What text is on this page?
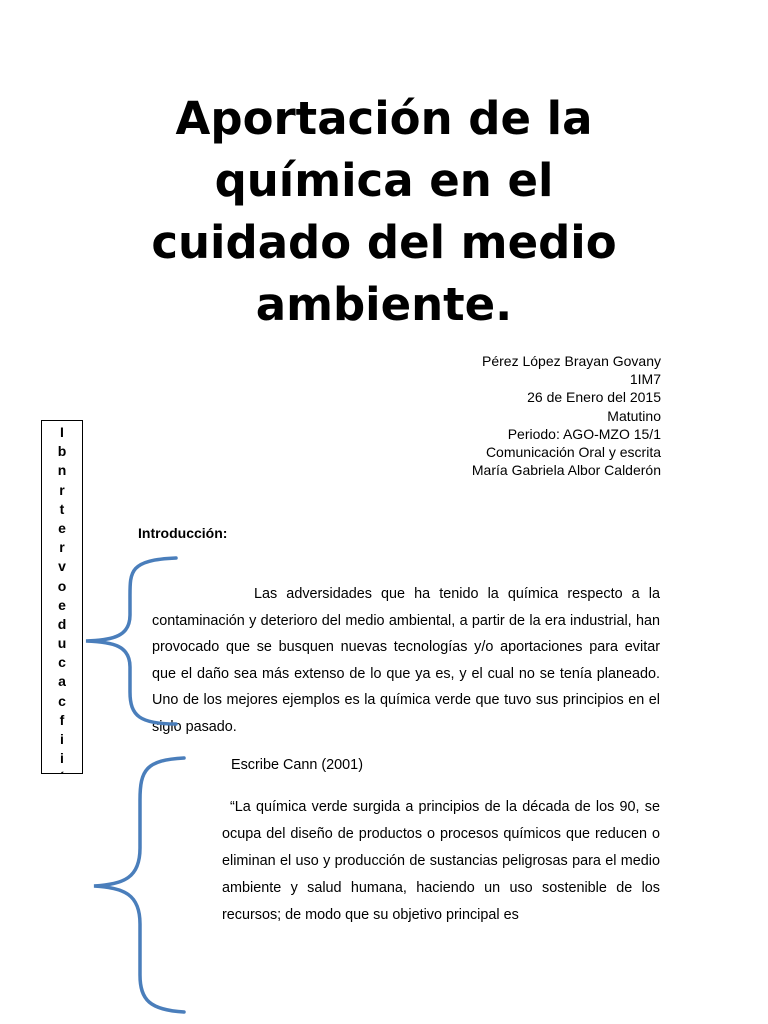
Aportación de la
química en el
cuidado del medio
ambiente.
Pérez López Brayan Govany
1IM7
26 de Enero del 2015
Matutino
Periodo: AGO-MZO 15/1
Comunicación Oral y escrita
María Gabriela Albor Calderón
I
b
n
r
t
e
r
v
o
e
d
u
c
a
c
f
i
i
´
Introducción:
Las adversidades que ha tenido la química respecto a la contaminación y deterioro del medio ambiental, a partir de la era industrial, han provocado que se busquen nuevas tecnologías y/o aportaciones para evitar que el daño sea más extenso de lo que ya es, y el cual no se tenía planeado. Uno de los mejores ejemplos es la química verde que tuvo sus principios en el siglo pasado.
Escribe Cann (2001)
“La química verde surgida a principios de la década de los 90, se ocupa del diseño de productos o procesos químicos que reducen o eliminan el uso y producción de sustancias peligrosas para el medio ambiente y salud humana, haciendo un uso sostenible de los recursos; de modo que su objetivo principal es
